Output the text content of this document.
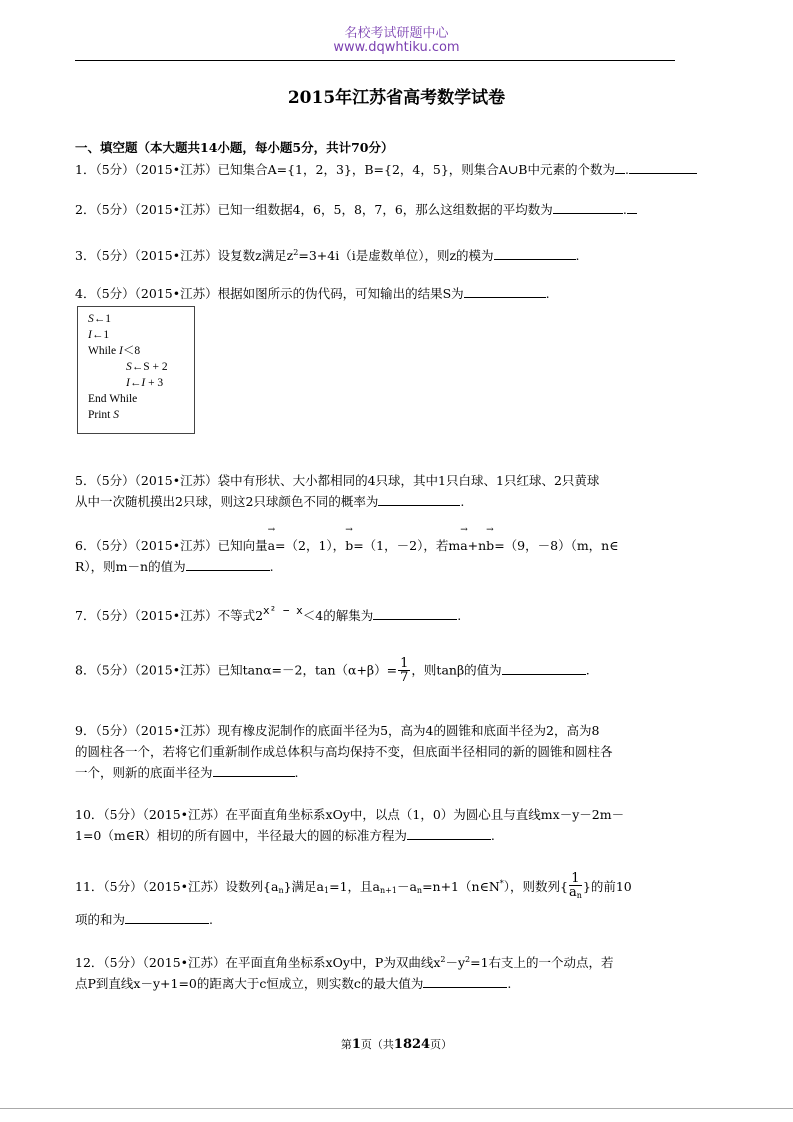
名校考试研题中心
www.dqwhtiku.com
2015年江苏省高考数学试卷
一、填空题（本大题共14小题，每小题5分，共计70分）
1．（5分）（2015•江苏）已知集合A={1，2，3}，B={2，4，5}，则集合A∪B中元素的个数为 .
2．（5分）（2015•江苏）已知一组数据4，6，5，8，7，6，那么这组数据的平均数为	.
3．（5分）（2015•江苏）设复数z满足$z^2=3+4i(i$是虚数单位），则z的模为	.
4．（5分）（2015•江苏）根据如图所示的伪代码，可知输出的结果S为	.
S←1
I←1
While I＜8
S←S + 2
I←I + 3
End While
Print S
5．（5分）（2015•江苏）袋中有形状、大小都相同的4只球，其中1只白球、1只红球、2只黄球
从中一次随机摸出2只球，则这2只球颜色不同的概率为	.
6．（5分）（2015•江苏）已知向量
→
a=（2，1），
→
b=（1，－2），若m
→
a+n
→
b=（9，－8）（m，n∈
R），则m－n的值为	.
7．（5分）（2015•江苏）不等式2x² − x＜4的解集为	.
8．（5分）（2015•江苏）已知tanα=－2，$\tan(\alpha+\beta)= \frac{1}{7}$ ，则tanβ的值为	.
9．（5分）（2015•江苏）现有橡皮泥制作的底面半径为5，高为4的圆锥和底面半径为2，高为8
的圆柱各一个，若将它们重新制作成总体积与高均保持不变，但底面半径相同的新的圆锥和圆柱各
一个，则新的底面半径为	.
10．（5分）（2015•江苏）在平面直角坐标系xOy中，以点（1，0）为圆心且与直线mx－y－2m－
1=0（m∈R）相切的所有圆中，半径最大的圆的标准方程为	.
11．（5分）（2015•江苏）设数列$\{a_n\}$满足$a_1=1$，且$a_{n+1}-a_n=n+1(n\in N^*)$，则数列{ $\frac{1}{a_n}$ }的前10
项的和为	.
12．（5分）（2015•江苏）在平面直角坐标系xOy中，P为双曲线$x^2-y^2=1$右支上的一个动点，若
点P到直线x－y+1=0的距离大于c恒成立，则实数c的最大值为	.
第1页（共1824页）
